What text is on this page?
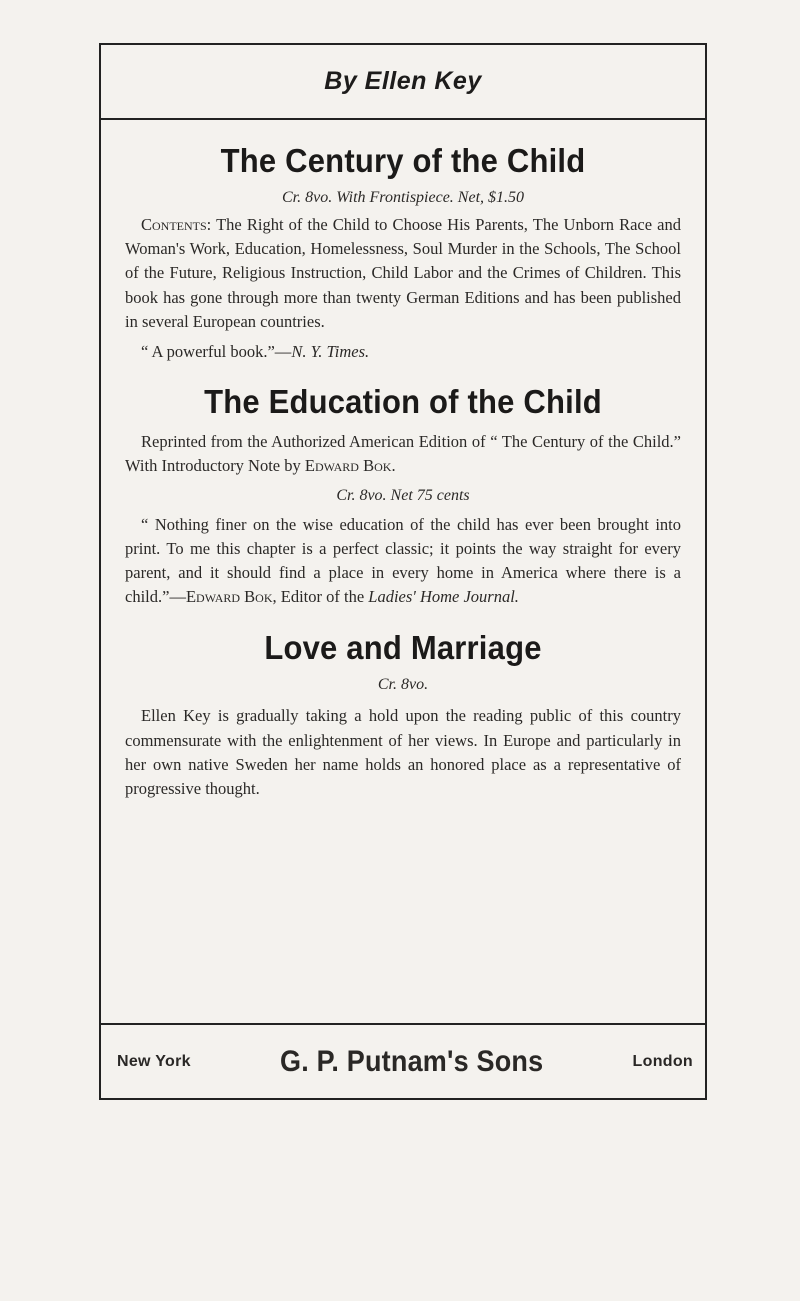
By Ellen Key
The Century of the Child
Cr. 8vo. With Frontispiece. Net, $1.50

Contents: The Right of the Child to Choose His Parents, The Unborn Race and Woman's Work, Education, Homelessness, Soul Murder in the Schools, The School of the Future, Religious Instruction, Child Labor and the Crimes of Children. This book has gone through more than twenty German Editions and has been published in several European countries.

“ A powerful book.”—N. Y. Times.

The Education of the Child

Reprinted from the Authorized American Edition of “ The Century of the Child.” With Introductory Note by Edward Bok.

Cr. 8vo. Net 75 cents

“ Nothing finer on the wise education of the child has ever been brought into print. To me this chapter is a perfect classic; it points the way straight for every parent, and it should find a place in every home in America where there is a child.”—Edward Bok, Editor of the Ladies' Home Journal.

Love and Marriage
Cr. 8vo.

Ellen Key is gradually taking a hold upon the reading public of this country commensurate with the enlightenment of her views. In Europe and particularly in her own native Sweden her name holds an honored place as a representative of progressive thought.

New York	G. P. Putnam's Sons	London
